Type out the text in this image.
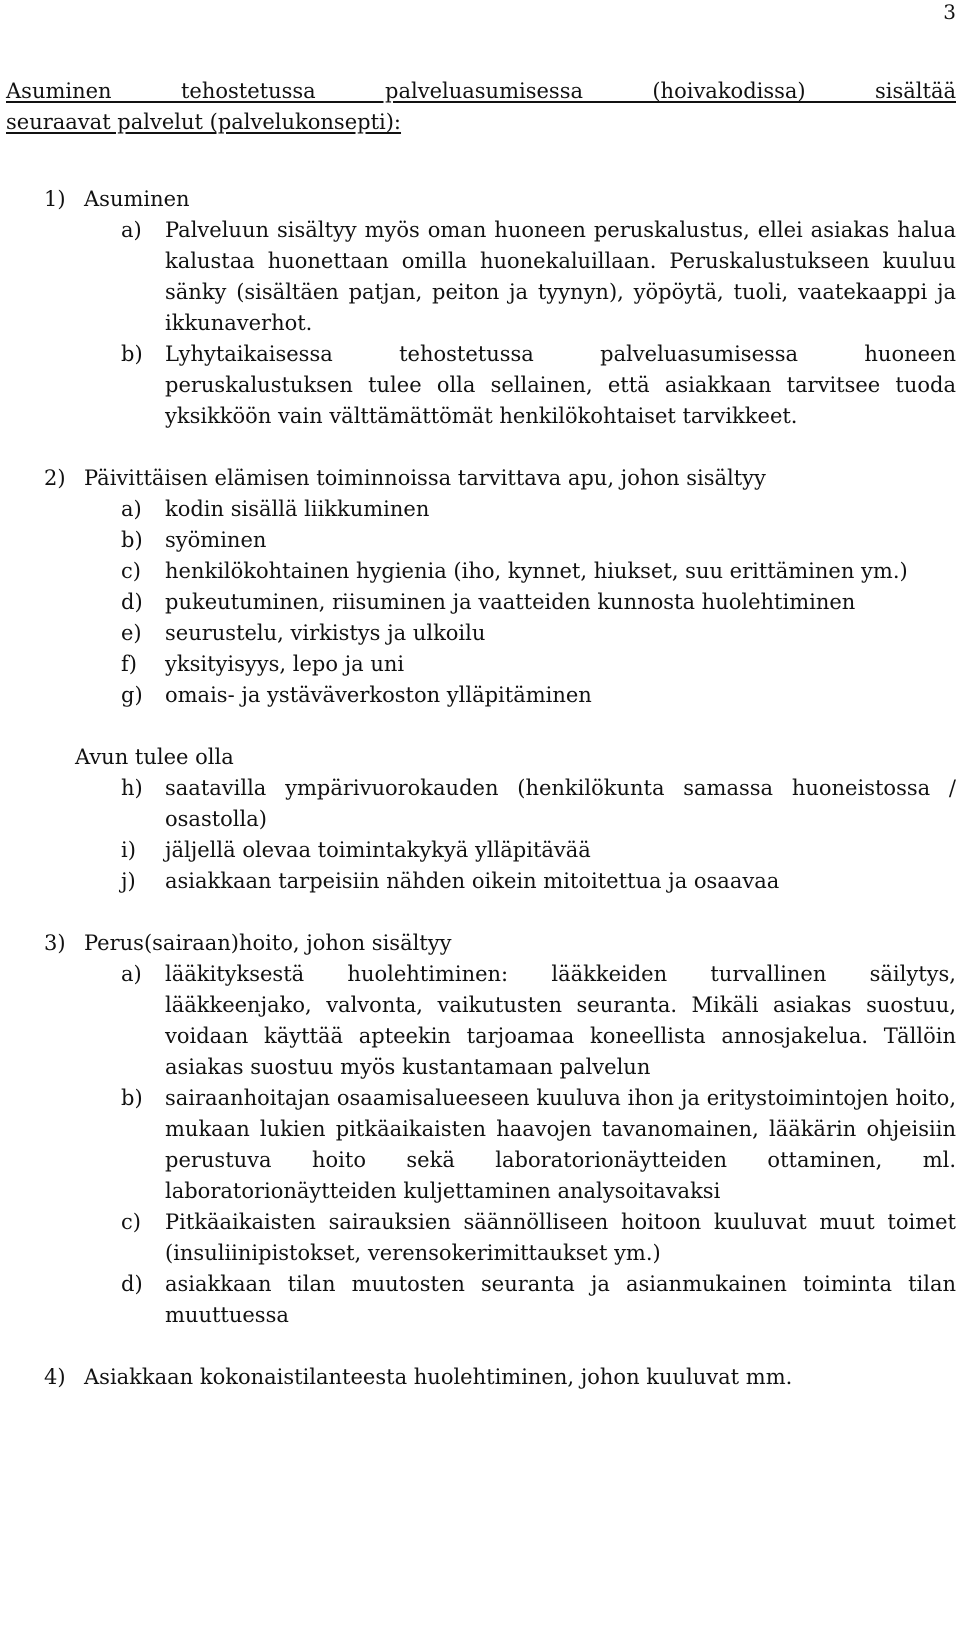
3

Asuminen tehostetussa palveluasumisessa (hoivakodissa) sisältää
seuraavat palvelut (palvelukonsepti):

1) Asuminen
a) Palveluun sisältyy myös oman huoneen peruskalustus, ellei asiakas halua kalustaa huonettaan omilla huonekaluillaan. Peruskalustukseen kuuluu sänky (sisältäen patjan, peiton ja tyynyn), yöpöytä, tuoli, vaatekaappi ja ikkunaverhot.
b) Lyhytaikaisessa tehostetussa palveluasumisessa huoneen peruskalustuksen tulee olla sellainen, että asiakkaan tarvitsee tuoda yksikköön vain välttämättömät henkilökohtaiset tarvikkeet.
2) Päivittäisen elämisen toiminnoissa tarvittava apu, johon sisältyy
a) kodin sisällä liikkuminen
b) syöminen
c) henkilökohtainen hygienia (iho, kynnet, hiukset, suu erittäminen ym.)
d) pukeutuminen, riisuminen ja vaatteiden kunnosta huolehtiminen
e) seurustelu, virkistys ja ulkoilu
f) yksityisyys, lepo ja uni
g) omais- ja ystäväverkoston ylläpitäminen
Avun tulee olla
h) saatavilla ympärivuorokauden (henkilökunta samassa huoneistossa / osastolla)
i) jäljellä olevaa toimintakykyä ylläpitävää
j) asiakkaan tarpeisiin nähden oikein mitoitettua ja osaavaa
3) Perus(sairaan)hoito, johon sisältyy
a) lääkityksestä huolehtiminen: lääkkeiden turvallinen säilytys, lääkkeenjako, valvonta, vaikutusten seuranta. Mikäli asiakas suostuu, voidaan käyttää apteekin tarjoamaa koneellista annosjakelua. Tällöin asiakas suostuu myös kustantamaan palvelun
b) sairaanhoitajan osaamisalueeseen kuuluva ihon ja eritystoimintojen hoito, mukaan lukien pitkäaikaisten haavojen tavanomainen, lääkärin ohjeisiin perustuva hoito sekä laboratorionäytteiden ottaminen, ml. laboratorionäytteiden kuljettaminen analysoitavaksi
c) Pitkäaikaisten sairauksien säännölliseen hoitoon kuuluvat muut toimet (insuliinipistokset, verensokerimittaukset ym.)
d) asiakkaan tilan muutosten seuranta ja asianmukainen toiminta tilan muuttuessa
4) Asiakkaan kokonaistilanteesta huolehtiminen, johon kuuluvat mm.
